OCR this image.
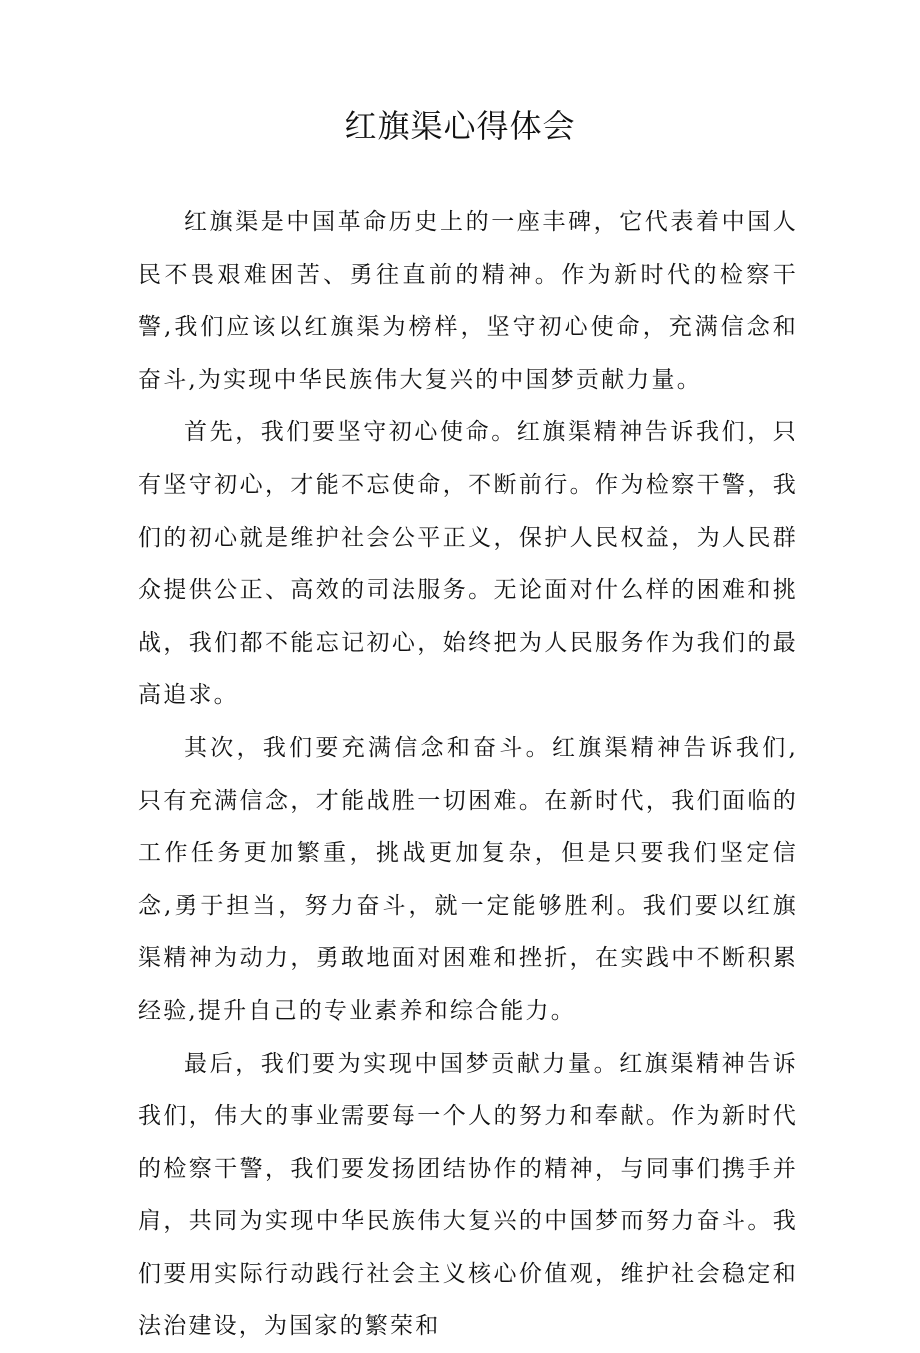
红旗渠心得体会

红旗渠是中国革命历史上的一座丰碑，它代表着中国人民不畏艰难困苦、勇往直前的精神。作为新时代的检察干警,我们应该以红旗渠为榜样，坚守初心使命，充满信念和奋斗,为实现中华民族伟大复兴的中国梦贡献力量。

首先，我们要坚守初心使命。红旗渠精神告诉我们，只有坚守初心，才能不忘使命，不断前行。作为检察干警，我们的初心就是维护社会公平正义，保护人民权益，为人民群众提供公正、高效的司法服务。无论面对什么样的困难和挑战，我们都不能忘记初心，始终把为人民服务作为我们的最高追求。

其次，我们要充满信念和奋斗。红旗渠精神告诉我们,只有充满信念，才能战胜一切困难。在新时代，我们面临的工作任务更加繁重，挑战更加复杂，但是只要我们坚定信念,勇于担当，努力奋斗，就一定能够胜利。我们要以红旗渠精神为动力，勇敢地面对困难和挫折，在实践中不断积累经验,提升自己的专业素养和综合能力。

最后，我们要为实现中国梦贡献力量。红旗渠精神告诉我们，伟大的事业需要每一个人的努力和奉献。作为新时代的检察干警，我们要发扬团结协作的精神，与同事们携手并肩，共同为实现中华民族伟大复兴的中国梦而努力奋斗。我们要用实际行动践行社会主义核心价值观，维护社会稳定和法治建设，为国家的繁荣和
